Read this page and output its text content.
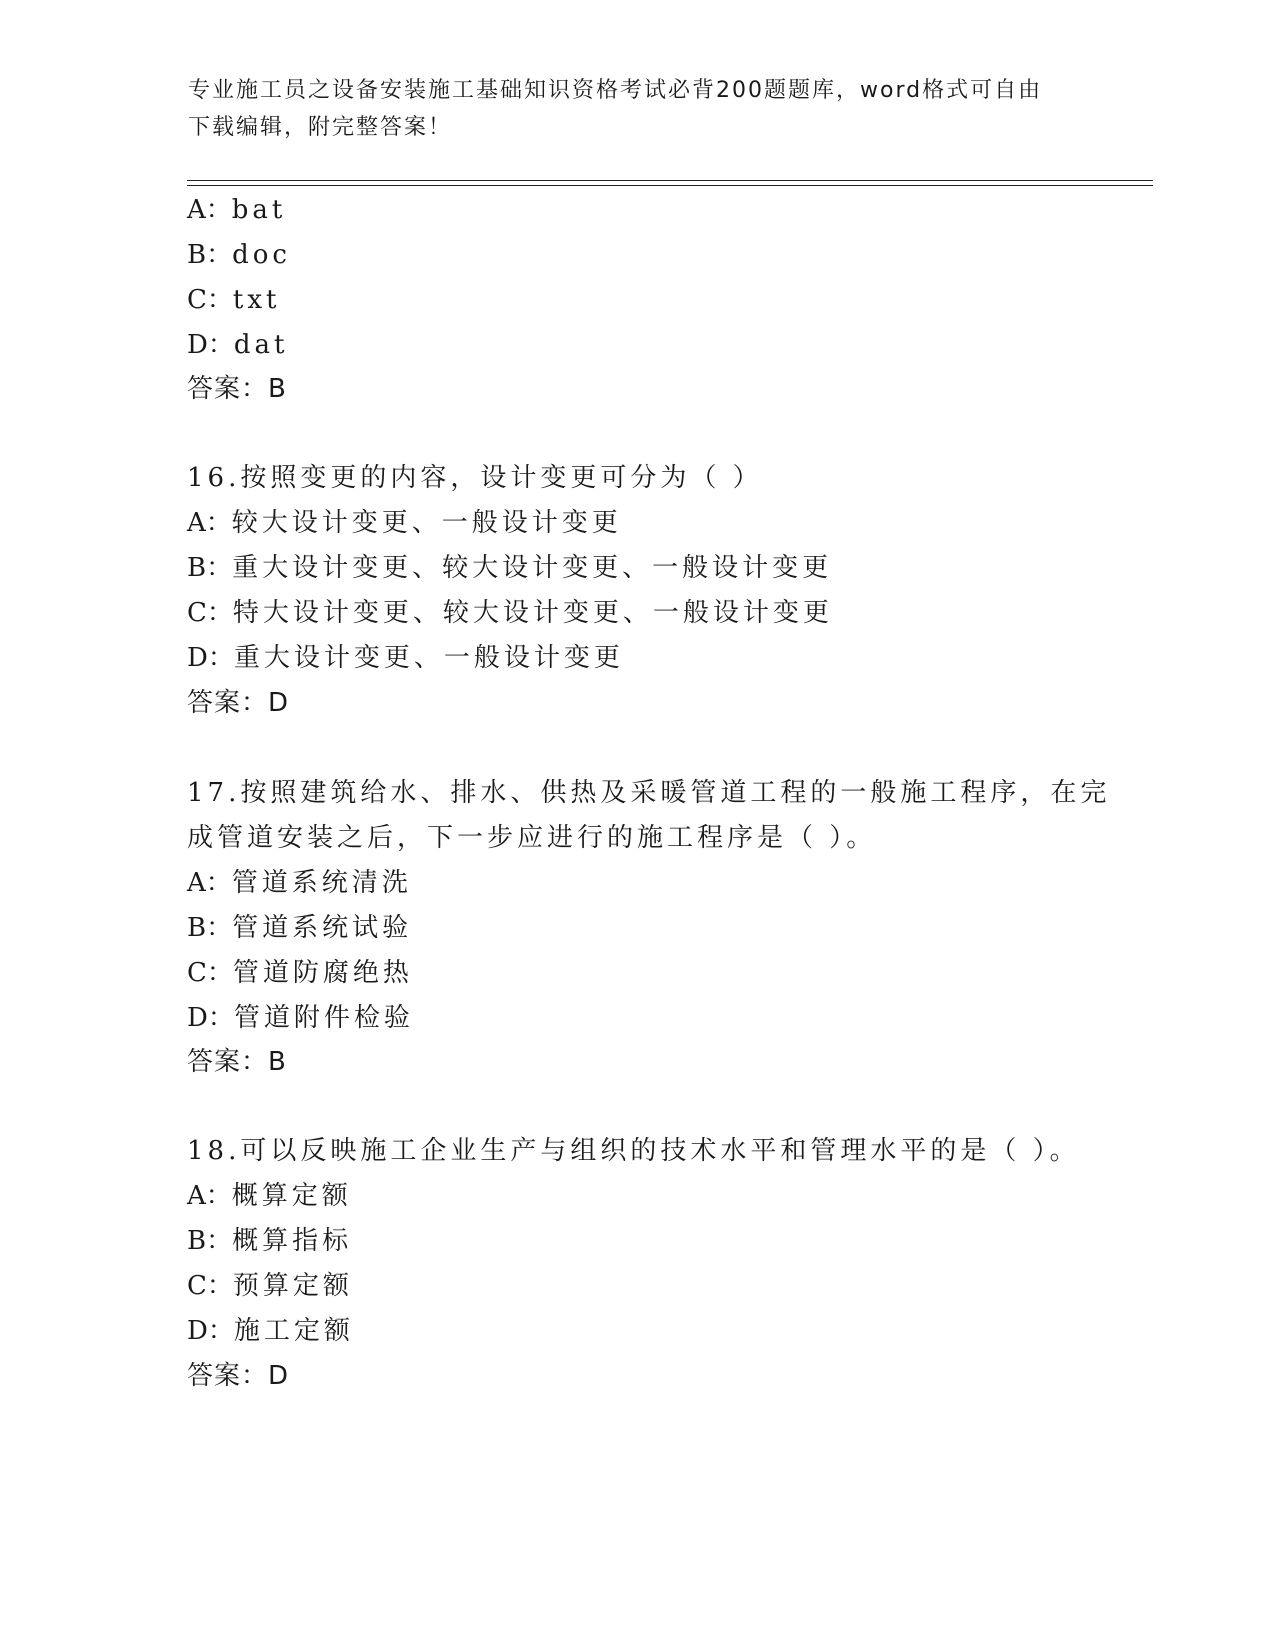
专业施工员之设备安装施工基础知识资格考试必背200题题库，word格式可自由
下载编辑，附完整答案！
A：bat
B：doc
C：txt
D：dat
答案：B
16.按照变更的内容，设计变更可分为（ ）
A：较大设计变更、一般设计变更
B：重大设计变更、较大设计变更、一般设计变更
C：特大设计变更、较大设计变更、一般设计变更
D：重大设计变更、一般设计变更
答案：D
17.按照建筑给水、排水、供热及采暖管道工程的一般施工程序，在完
成管道安装之后，下一步应进行的施工程序是（ ）。
A：管道系统清洗
B：管道系统试验
C：管道防腐绝热
D：管道附件检验
答案：B
18.可以反映施工企业生产与组织的技术水平和管理水平的是（ ）。
A：概算定额
B：概算指标
C：预算定额
D：施工定额
答案：D
